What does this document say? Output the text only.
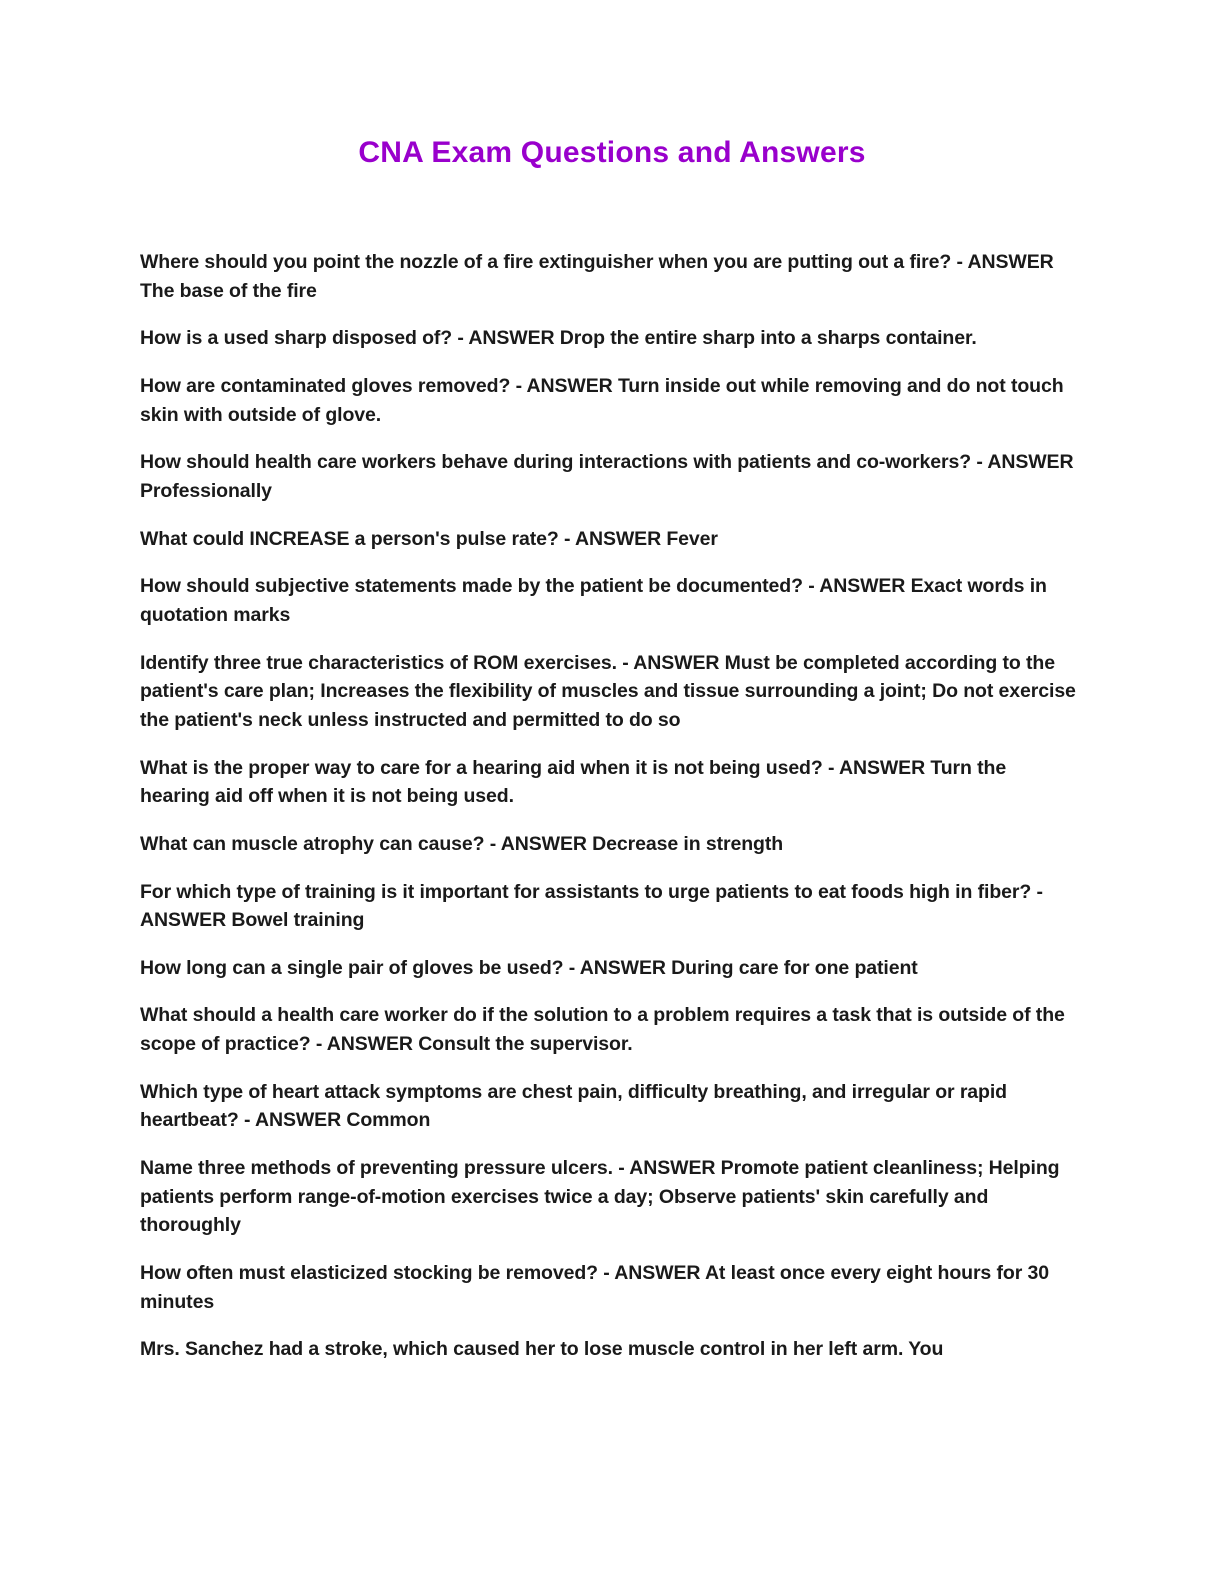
CNA Exam Questions and Answers

Where should you point the nozzle of a fire extinguisher when you are putting out a fire? - ANSWER The base of the fire

How is a used sharp disposed of? - ANSWER Drop the entire sharp into a sharps container.

How are contaminated gloves removed? - ANSWER Turn inside out while removing and do not touch skin with outside of glove.

How should health care workers behave during interactions with patients and co-workers? - ANSWER Professionally

What could INCREASE a person's pulse rate? - ANSWER Fever

How should subjective statements made by the patient be documented? - ANSWER Exact words in quotation marks

Identify three true characteristics of ROM exercises. - ANSWER Must be completed according to the patient's care plan; Increases the flexibility of muscles and tissue surrounding a joint; Do not exercise the patient's neck unless instructed and permitted to do so

What is the proper way to care for a hearing aid when it is not being used? - ANSWER Turn the hearing aid off when it is not being used.

What can muscle atrophy can cause? - ANSWER Decrease in strength

For which type of training is it important for assistants to urge patients to eat foods high in fiber? - ANSWER Bowel training

How long can a single pair of gloves be used? - ANSWER During care for one patient

What should a health care worker do if the solution to a problem requires a task that is outside of the scope of practice? - ANSWER Consult the supervisor.

Which type of heart attack symptoms are chest pain, difficulty breathing, and irregular or rapid heartbeat? - ANSWER Common

Name three methods of preventing pressure ulcers. - ANSWER Promote patient cleanliness; Helping patients perform range-of-motion exercises twice a day; Observe patients' skin carefully and thoroughly

How often must elasticized stocking be removed? - ANSWER At least once every eight hours for 30 minutes

Mrs. Sanchez had a stroke, which caused her to lose muscle control in her left arm. You
